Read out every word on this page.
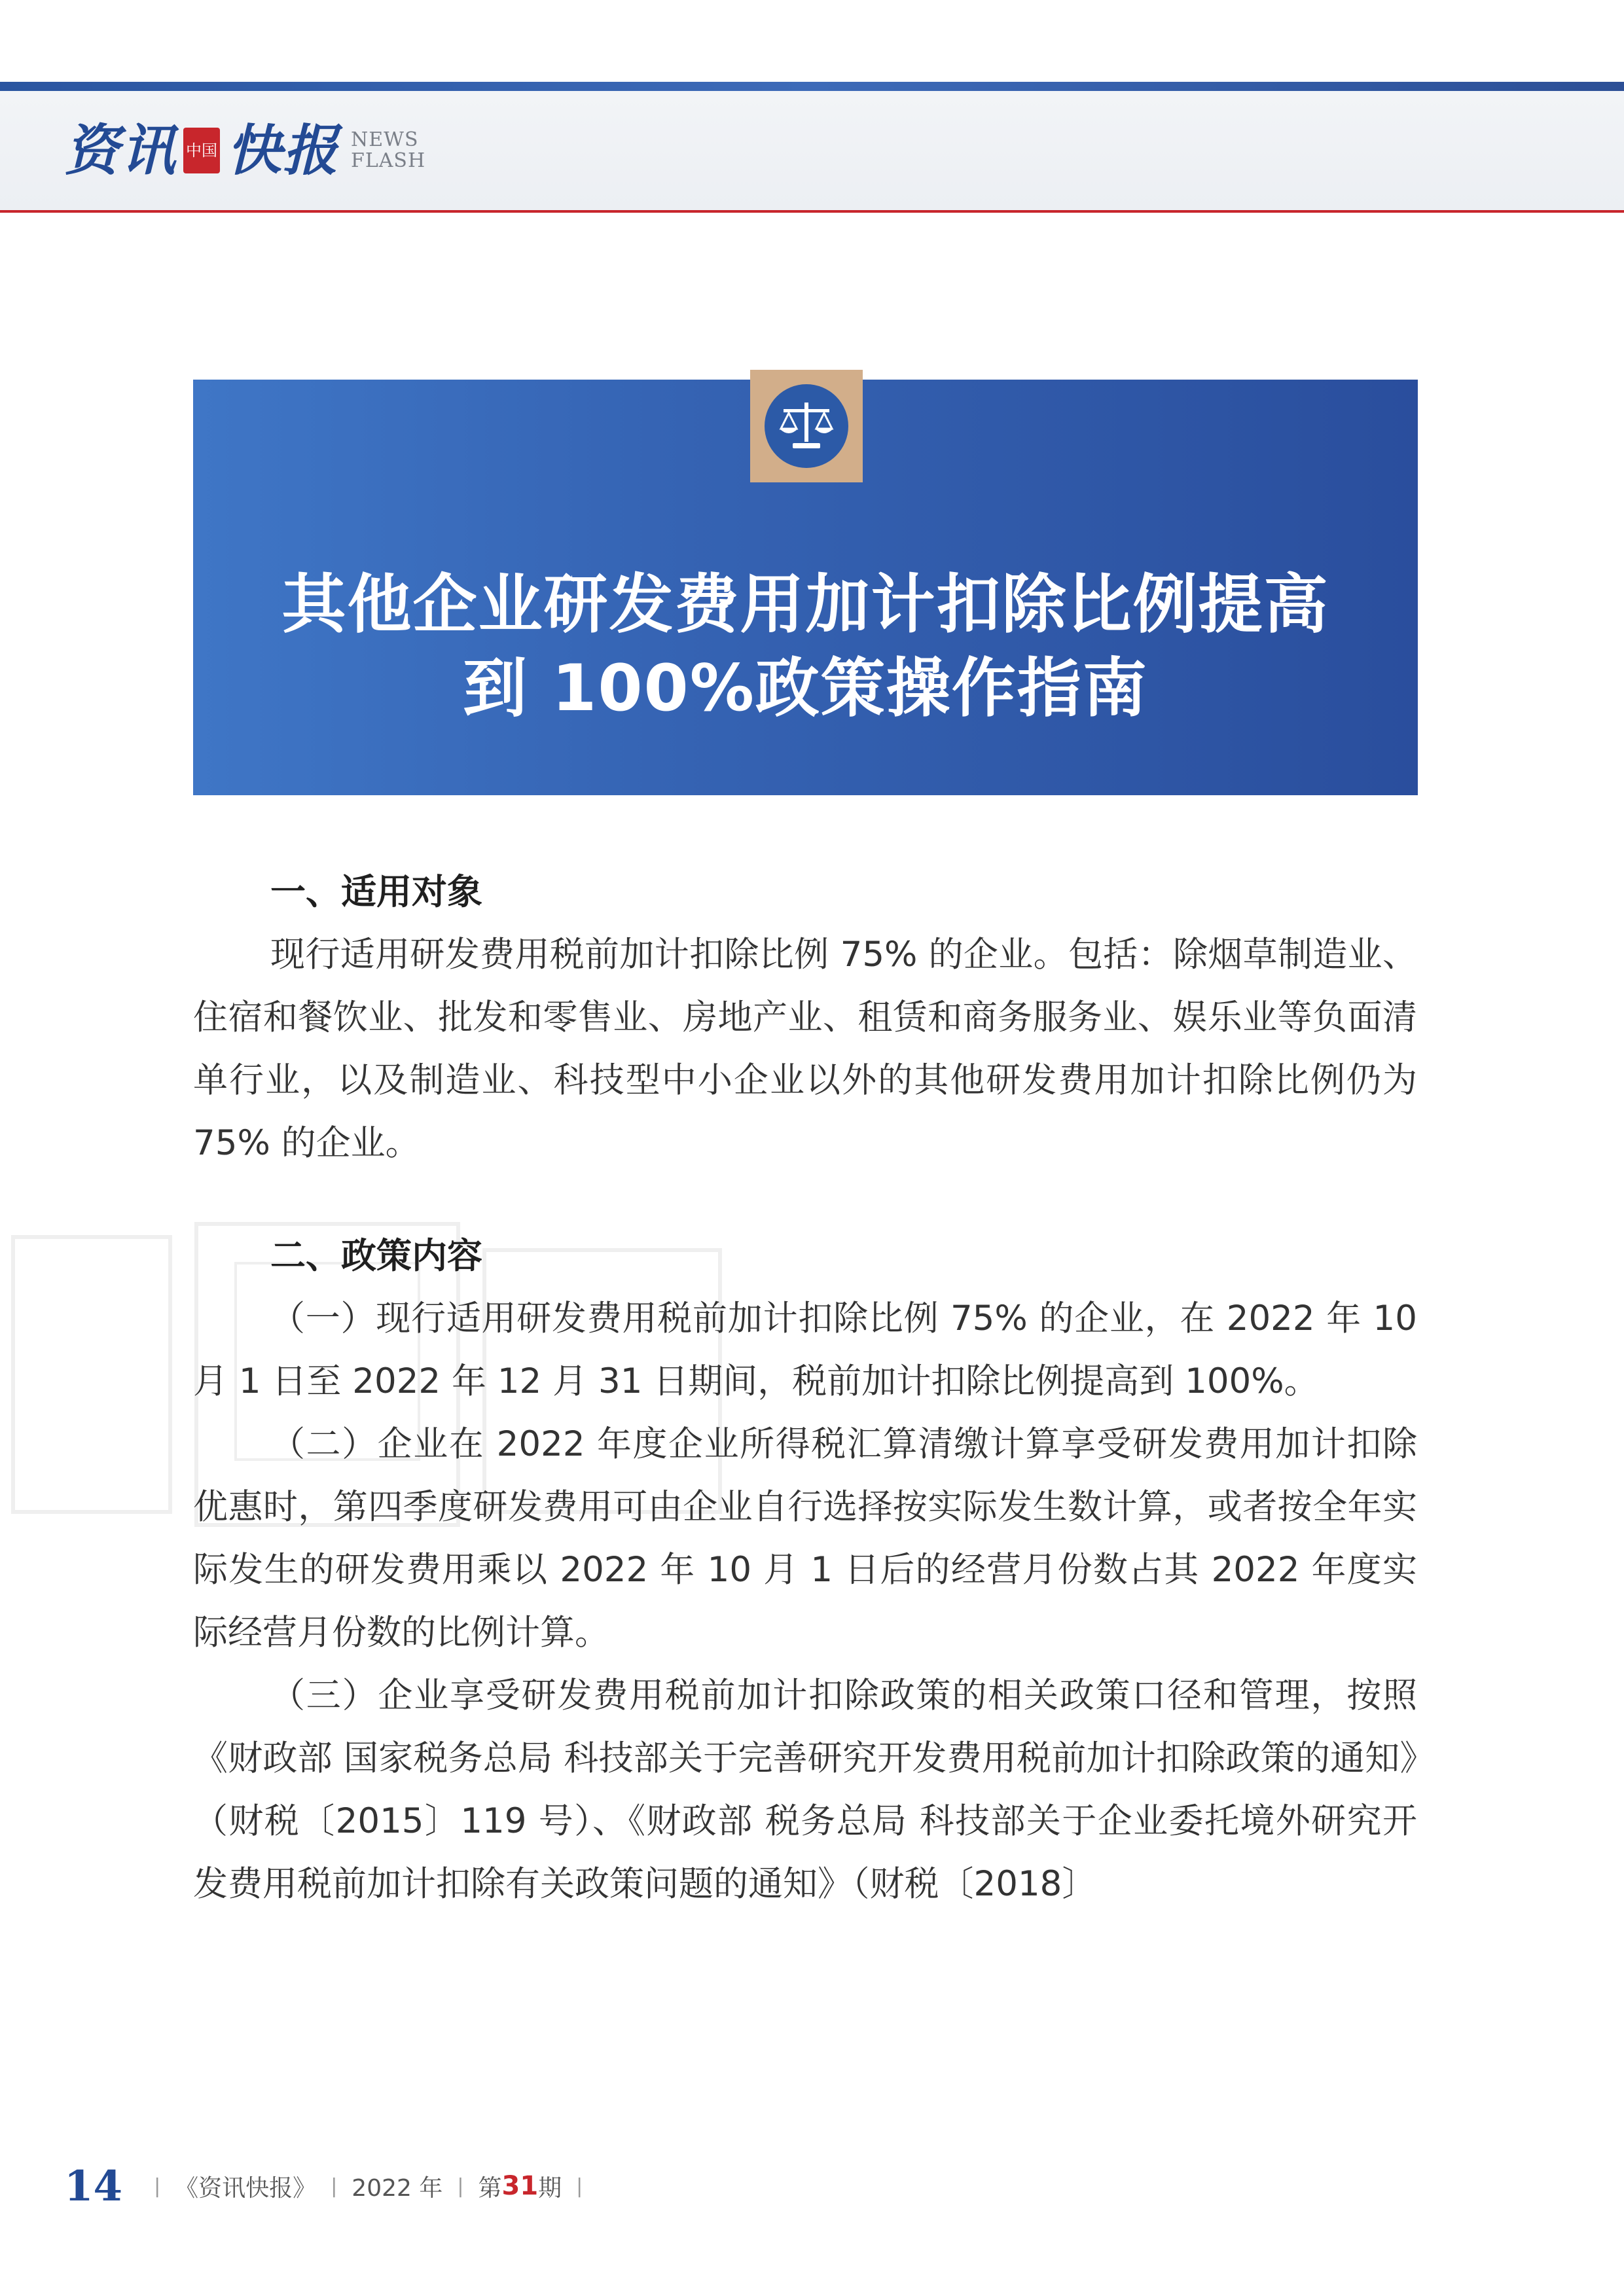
资讯 中国 快报 NEWS
FLASH
其他企业研发费用加计扣除比例提高
到 100%政策操作指南
一、适用对象

现行适用研发费用税前加计扣除比例 75% 的企业。包括：除烟草制造业、住宿和餐饮业、批发和零售业、房地产业、租赁和商务服务业、娱乐业等负面清单行业，以及制造业、科技型中小企业以外的其他研发费用加计扣除比例仍为 75% 的企业。

二、政策内容

（一）现行适用研发费用税前加计扣除比例 75% 的企业，在 2022 年 10 月 1 日至 2022 年 12 月 31 日期间，税前加计扣除比例提高到 100%。

（二）企业在 2022 年度企业所得税汇算清缴计算享受研发费用加计扣除优惠时，第四季度研发费用可由企业自行选择按实际发生数计算，或者按全年实际发生的研发费用乘以 2022 年 10 月 1 日后的经营月份数占其 2022 年度实际经营月份数的比例计算。

（三）企业享受研发费用税前加计扣除政策的相关政策口径和管理，按照《财政部 国家税务总局 科技部关于完善研究开发费用税前加计扣除政策的通知》（财税〔2015〕119 号）、《财政部 税务总局 科技部关于企业委托境外研究开发费用税前加计扣除有关政策问题的通知》（财税〔2018〕

14 | 《资讯快报》 | 2022 年 | 第 31 期 |
